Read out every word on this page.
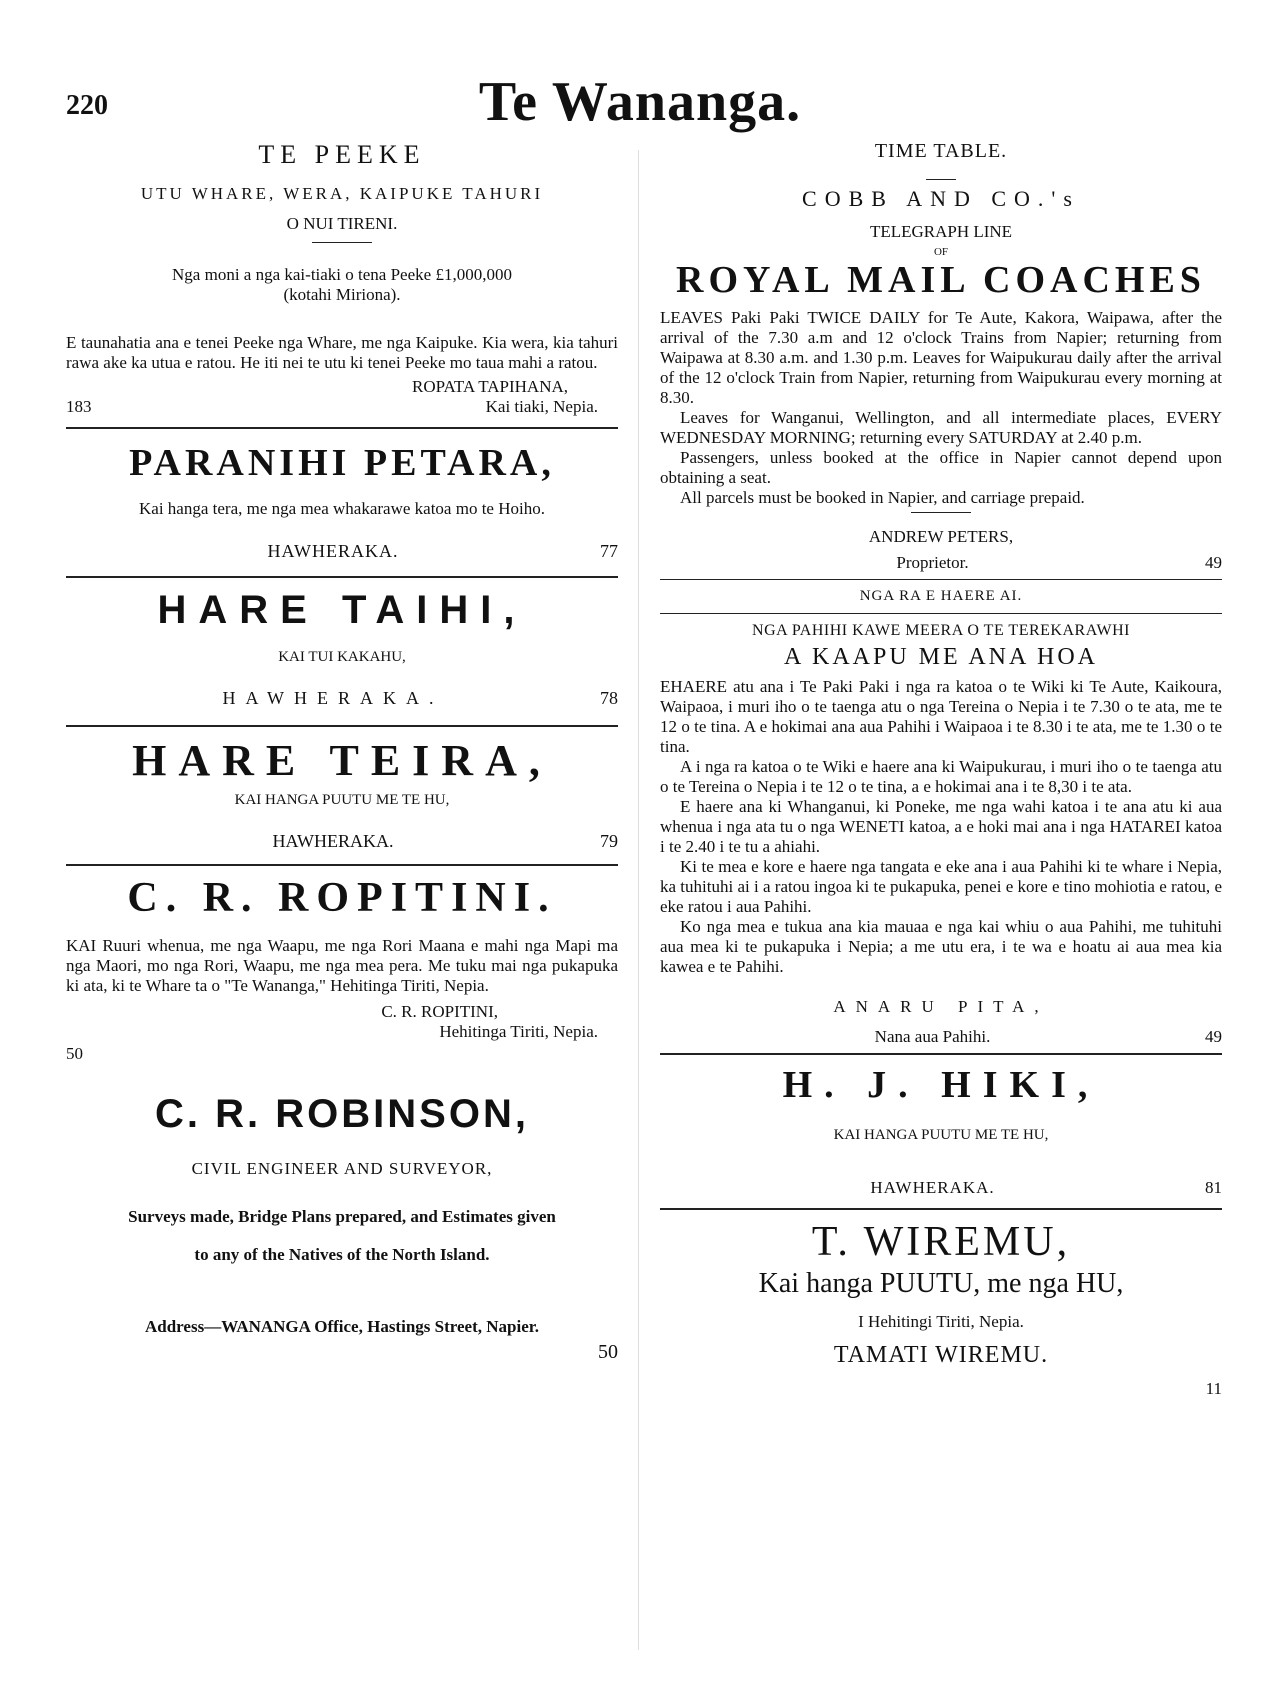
220	Te Wananga.
TE PEEKE
UTU WHARE, WERA, KAIPUKE TAHURI
O NUI TIRENI.
Nga moni a nga kai-tiaki o tena Peeke £1,000,000
(kotahi Miriona).

E taunahatia ana e tenei Peeke nga Whare, me nga Kaipuke. Kia wera, kia tahuri rawa ake ka utua e ratou. He iti nei te utu ki tenei Peeke mo taua mahi a ratou.

ROPATA TAPIHANA,
183	Kai tiaki, Nepia.
PARANIHI PETARA,

Kai hanga tera, me nga mea whakarawe katoa mo te Hoiho.

HAWHERAKA.	77
HARE TAIHI,
KAI TUI KAKAHU,
HAWHERAKA.	78
HARE TEIRA,
KAI HANGA PUUTU ME TE HU,
HAWHERAKA.	79
C. R. ROPITINI.

KAI Ruuri whenua, me nga Waapu, me nga Rori Maana e mahi nga Mapi ma nga Maori, mo nga Rori, Waapu, me nga mea pera. Me tuku mai nga pukapuka ki ata, ki te Whare ta o "Te Wananga," Hehitinga Tiriti, Nepia.

C. R. ROPITINI,
Hehitinga Tiriti, Nepia.
50
C. R. ROBINSON,
CIVIL ENGINEER AND SURVEYOR,
Surveys made, Bridge Plans prepared, and Estimates given
to any of the Natives of the North Island.
Address—WANANGA Office, Hastings Street, Napier.
50
TIME TABLE.
COBB AND CO.'s
TELEGRAPH LINE
OF
ROYAL MAIL COACHES

LEAVES Paki Paki TWICE DAILY for Te Aute, Kakora, Waipawa, after the arrival of the 7.30 a.m and 12 o'clock Trains from Napier; returning from Waipawa at 8.30 a.m. and 1.30 p.m. Leaves for Waipukurau daily after the arrival of the 12 o'clock Train from Napier, returning from Waipukurau every morning at 8.30.

Leaves for Wanganui, Wellington, and all intermediate places, EVERY WEDNESDAY MORNING; returning every SATURDAY at 2.40 p.m.

Passengers, unless booked at the office in Napier cannot depend upon obtaining a seat.

All parcels must be booked in Napier, and carriage prepaid.

ANDREW PETERS,
Proprietor.	49
NGA RA E HAERE AI.
NGA PAHIHI KAWE MEERA O TE TEREKARAWHI
A KAAPU ME ANA HOA

EHAERE atu ana i Te Paki Paki i nga ra katoa o te Wiki ki Te Aute, Kaikoura, Waipaoa, i muri iho o te taenga atu o nga Tereina o Nepia i te 7.30 o te ata, me te 12 o te tina. A e hokimai ana aua Pahihi i Waipaoa i te 8.30 i te ata, me te 1.30 o te tina.

A i nga ra katoa o te Wiki e haere ana ki Waipukurau, i muri iho o te taenga atu o te Tereina o Nepia i te 12 o te tina, a e hokimai ana i te 8,30 i te ata.

E haere ana ki Whanganui, ki Poneke, me nga wahi katoa i te ana atu ki aua whenua i nga ata tu o nga WENETI katoa, a e hoki mai ana i nga HATAREI katoa i te 2.40 i te tu a ahiahi.

Ki te mea e kore e haere nga tangata e eke ana i aua Pahihi ki te whare i Nepia, ka tuhituhi ai i a ratou ingoa ki te pukapuka, penei e kore e tino mohiotia e ratou, e eke ratou i aua Pahihi.

Ko nga mea e tukua ana kia mauaa e nga kai whiu o aua Pahihi, me tuhituhi aua mea ki te pukapuka i Nepia; a me utu era, i te wa e hoatu ai aua mea kia kawea e te Pahihi.

ANARU PITA,
Nana aua Pahihi.	49
H. J. HIKI,
KAI HANGA PUUTU ME TE HU,
HAWHERAKA.	81
T. WIREMU,
Kai hanga PUUTU, me nga HU,
I Hehitingi Tiriti, Nepia.
TAMATI WIREMU.
11
